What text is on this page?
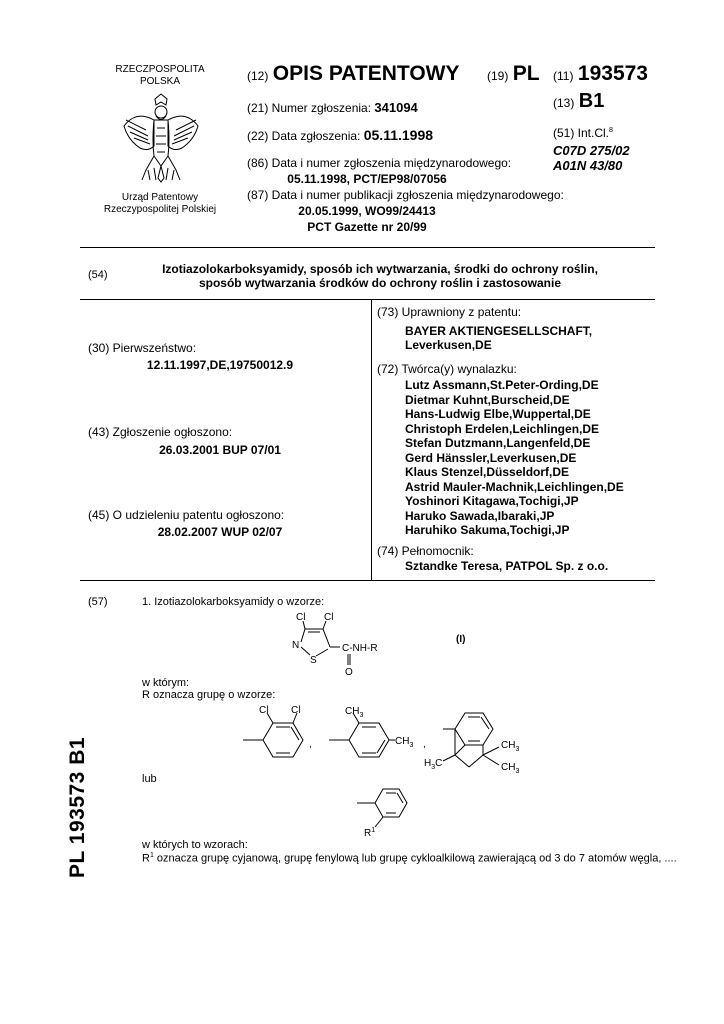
RZECZPOSPOLITA
POLSKA
Urząd Patentowy
Rzeczypospolitej Polskiej
(12) OPIS PATENTOWY (19) PL (11) 193573
(13) B1
(21) Numer zgłoszenia: 341094
(22) Data zgłoszenia: 05.11.1998	(51) Int.Cl.$^8$
C07D 275/02
A01N 43/80
(86) Data i numer zgłoszenia międzynarodowego:
05.11.1998, PCT/EP98/07056
(87) Data i numer publikacji zgłoszenia międzynarodowego:
20.05.1999, WO99/24413
PCT Gazette nr 20/99
(54)	Izotiazolokarboksyamidy, sposób ich wytwarzania, środki do ochrony roślin,
sposób wytwarzania środków do ochrony roślin i zastosowanie
(30) Pierwszeństwo:
12.11.1997,DE,19750012.9
(43) Zgłoszenie ogłoszono:
26.03.2001 BUP 07/01
(45) O udzieleniu patentu ogłoszono:
28.02.2007 WUP 02/07
(73) Uprawniony z patentu:
BAYER AKTIENGESELLSCHAFT,
Leverkusen,DE
(72) Twórca(y) wynalazku:

Lutz Assmann,St.Peter-Ording,DE

Dietmar Kuhnt,Burscheid,DE

Hans-Ludwig Elbe,Wuppertal,DE

Christoph Erdelen,Leichlingen,DE

Stefan Dutzmann,Langenfeld,DE

Gerd Hänssler,Leverkusen,DE

Klaus Stenzel,Düsseldorf,DE

Astrid Mauler-Machnik,Leichlingen,DE

Yoshinori Kitagawa,Tochigi,JP

Haruko Sawada,Ibaraki,JP

Haruhiko Sakuma,Tochigi,JP

(74) Pełnomocnik:
Sztandke Teresa, PATPOL Sp. z o.o.
(57)	1. Izotiazolokarboksyamidy o wzorze:
Cl Cl
N
S
C-NH-R
O
(I)
w którym:
R oznacza grupę o wzorze:
Cl Cl
,
$CH_3$
$CH_3$ ,
$H_3C$
$CH_3$
$CH_3$
lub
$R^1$
w których to wzorach:
$R^1$ oznacza grupę cyjanową, grupę fenylową lub grupę cykloalkilową zawierającą od 3 do 7 atomów węgla, ....
PL 193573 B1
